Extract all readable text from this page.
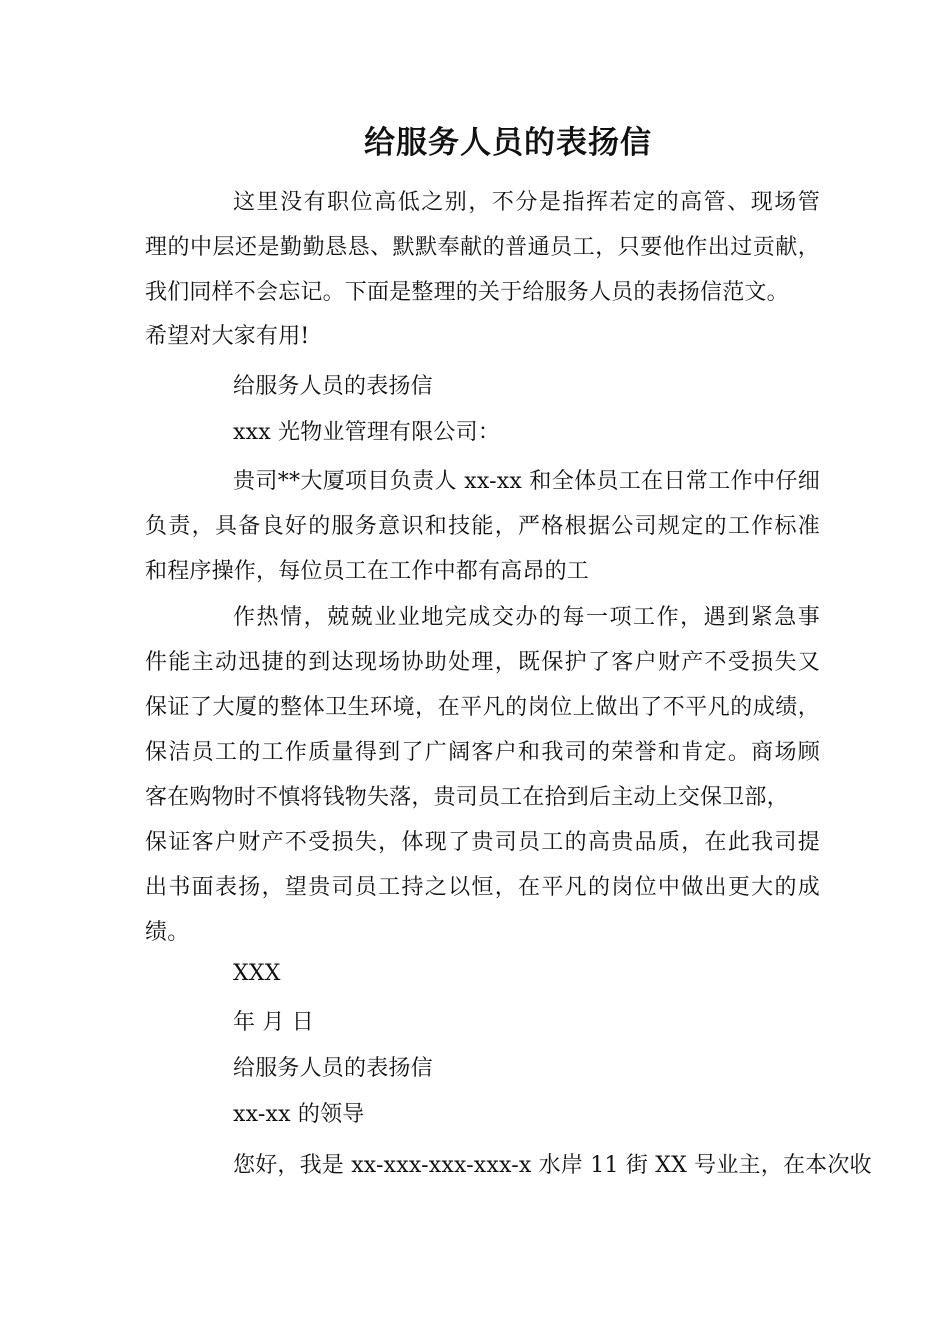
给服务人员的表扬信
这里没有职位高低之别，不分是指挥若定的高管、现场管
理的中层还是勤勤恳恳、默默奉献的普通员工，只要他作出过贡献，
我们同样不会忘记。下面是整理的关于给服务人员的表扬信范文。
希望对大家有用!
给服务人员的表扬信
xxx 光物业管理有限公司：
贵司**大厦项目负责人 xx-xx 和全体员工在日常工作中仔细
负责，具备良好的服务意识和技能，严格根据公司规定的工作标准
和程序操作，每位员工在工作中都有高昂的工
作热情，兢兢业业地完成交办的每一项工作，遇到紧急事
件能主动迅捷的到达现场协助处理，既保护了客户财产不受损失又
保证了大厦的整体卫生环境，在平凡的岗位上做出了不平凡的成绩，
保洁员工的工作质量得到了广阔客户和我司的荣誉和肯定。商场顾
客在购物时不慎将钱物失落，贵司员工在拾到后主动上交保卫部，
保证客户财产不受损失，体现了贵司员工的高贵品质，在此我司提
出书面表扬，望贵司员工持之以恒，在平凡的岗位中做出更大的成
绩。
XXX
年 月 日
给服务人员的表扬信
xx-xx 的领导
您好，我是 xx-xxx-xxx-xxx-x 水岸 11 街 XX 号业主，在本次收
